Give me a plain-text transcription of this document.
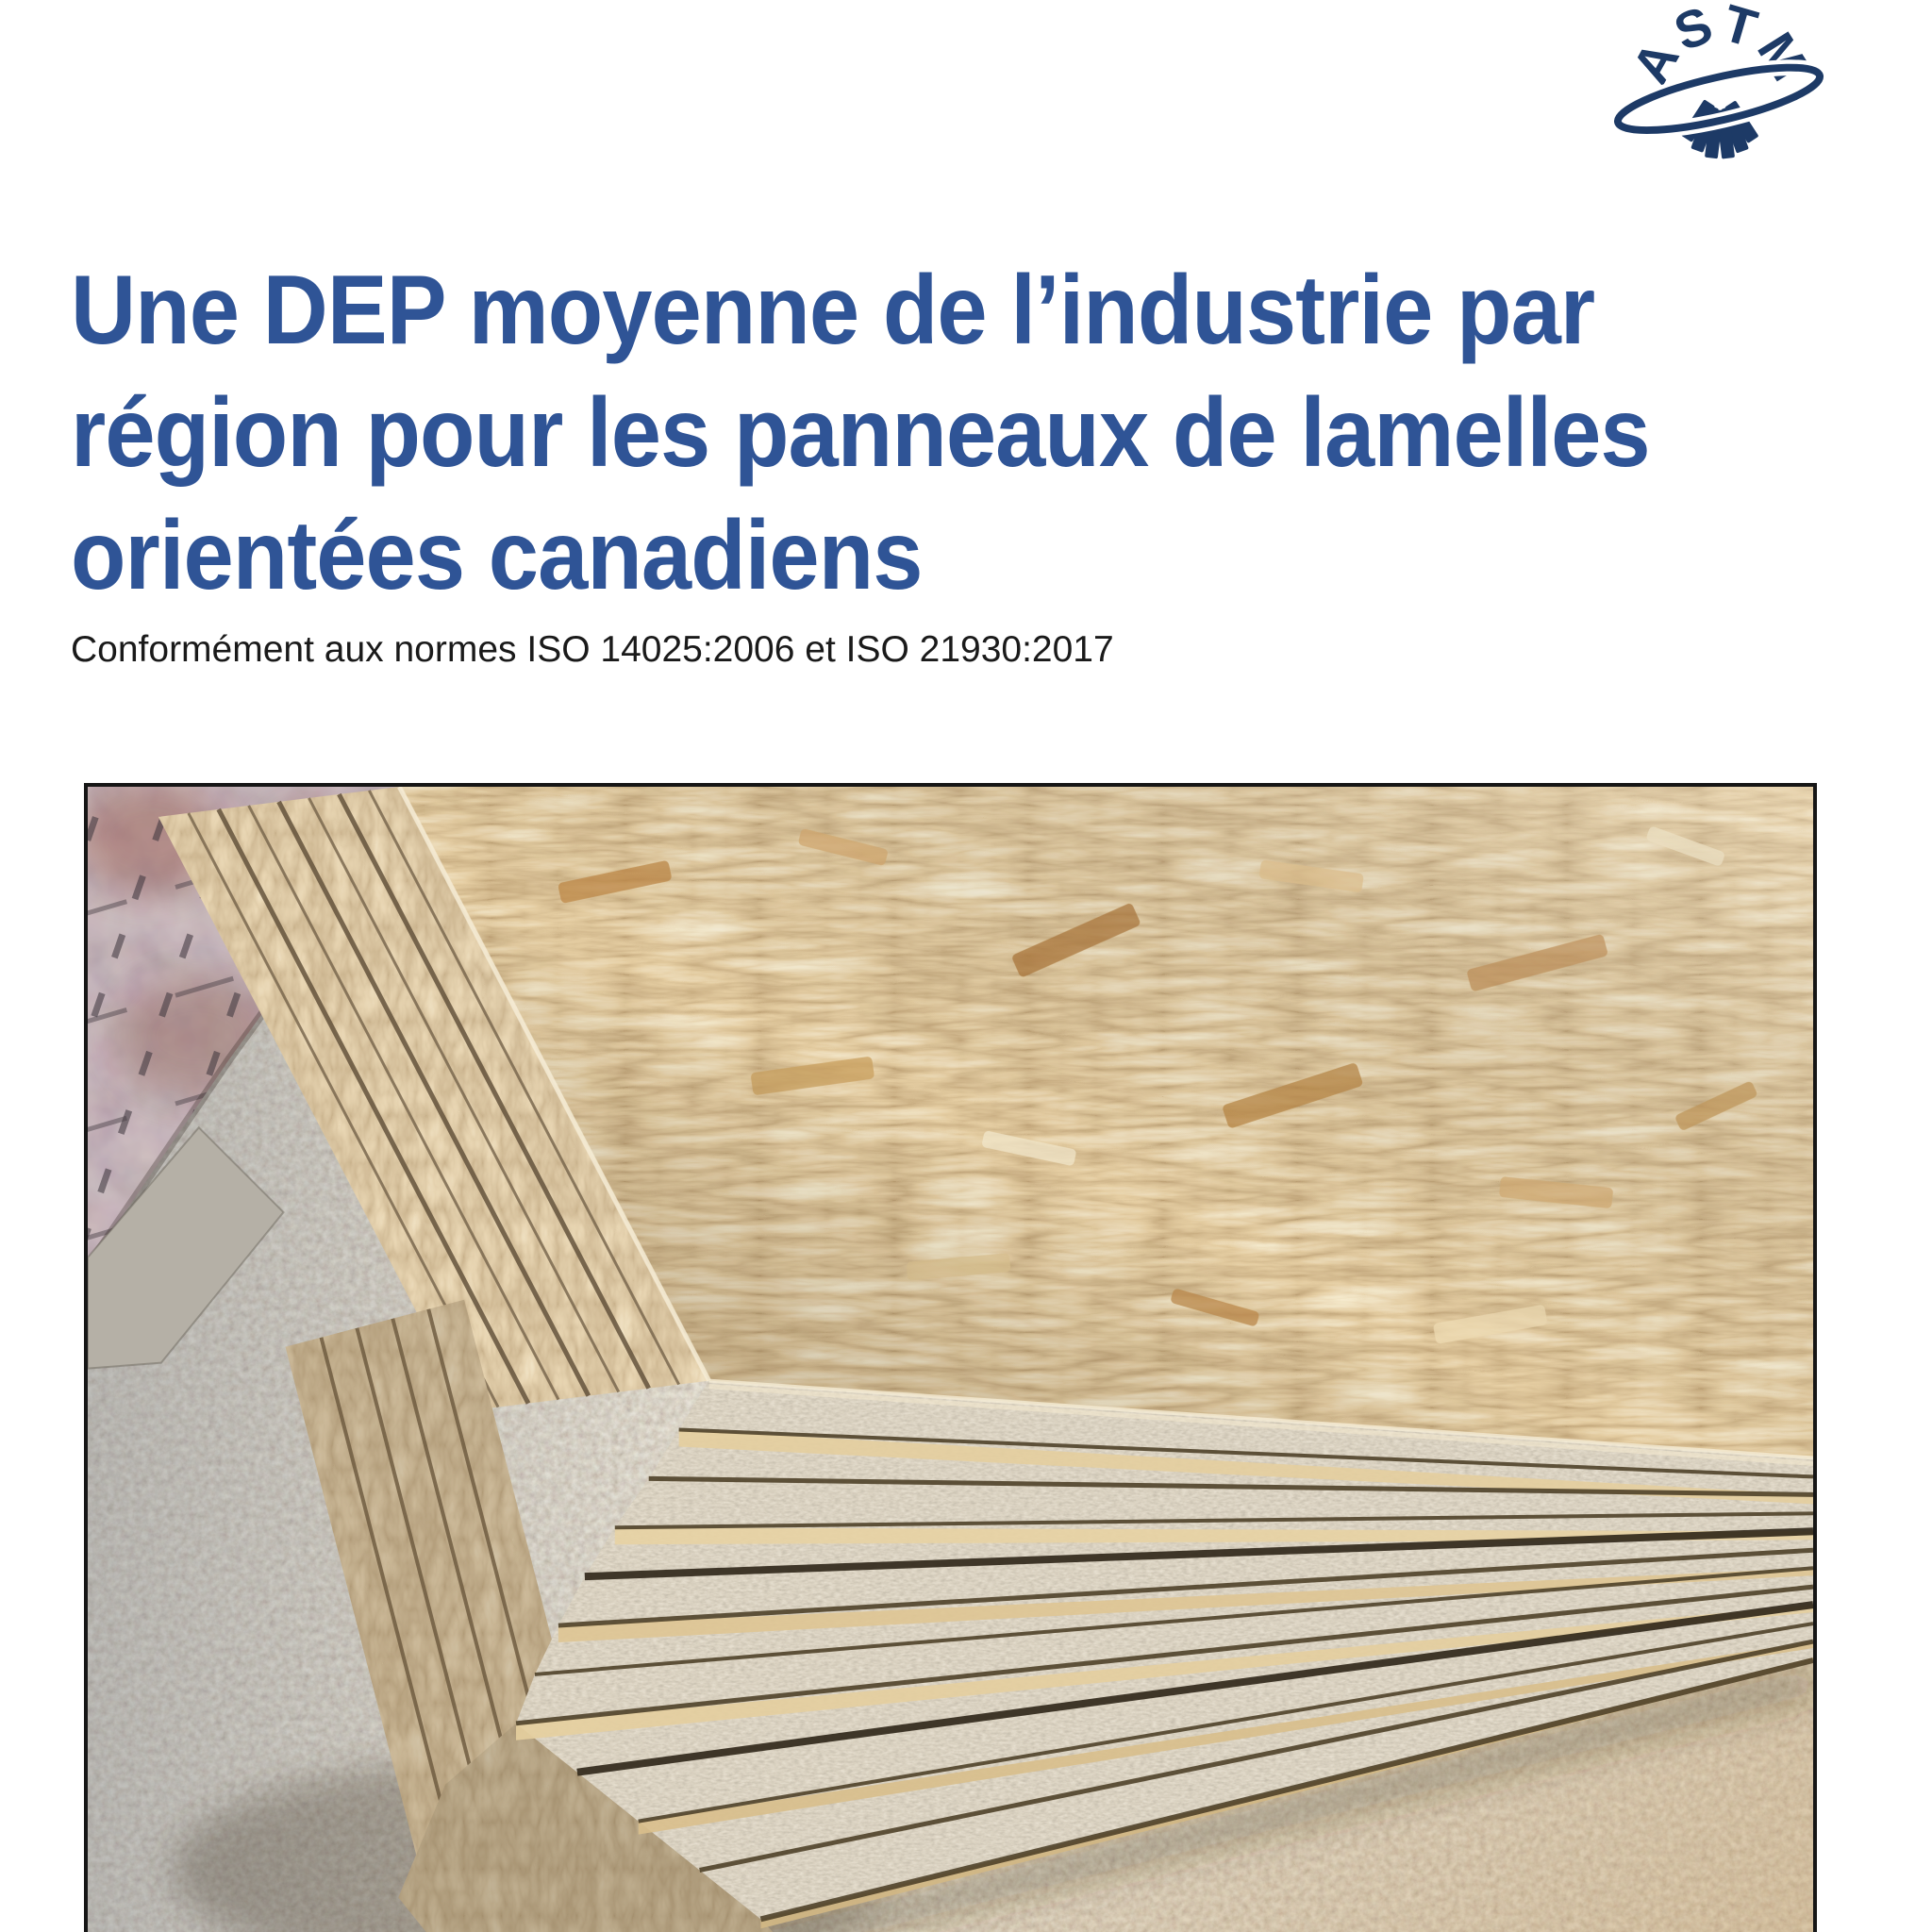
ASTM
Une DEP moyenne de l’industrie par
région pour les panneaux de lamelles
orientées canadiens

Conformément aux normes ISO 14025:2006 et ISO 21930:2017
